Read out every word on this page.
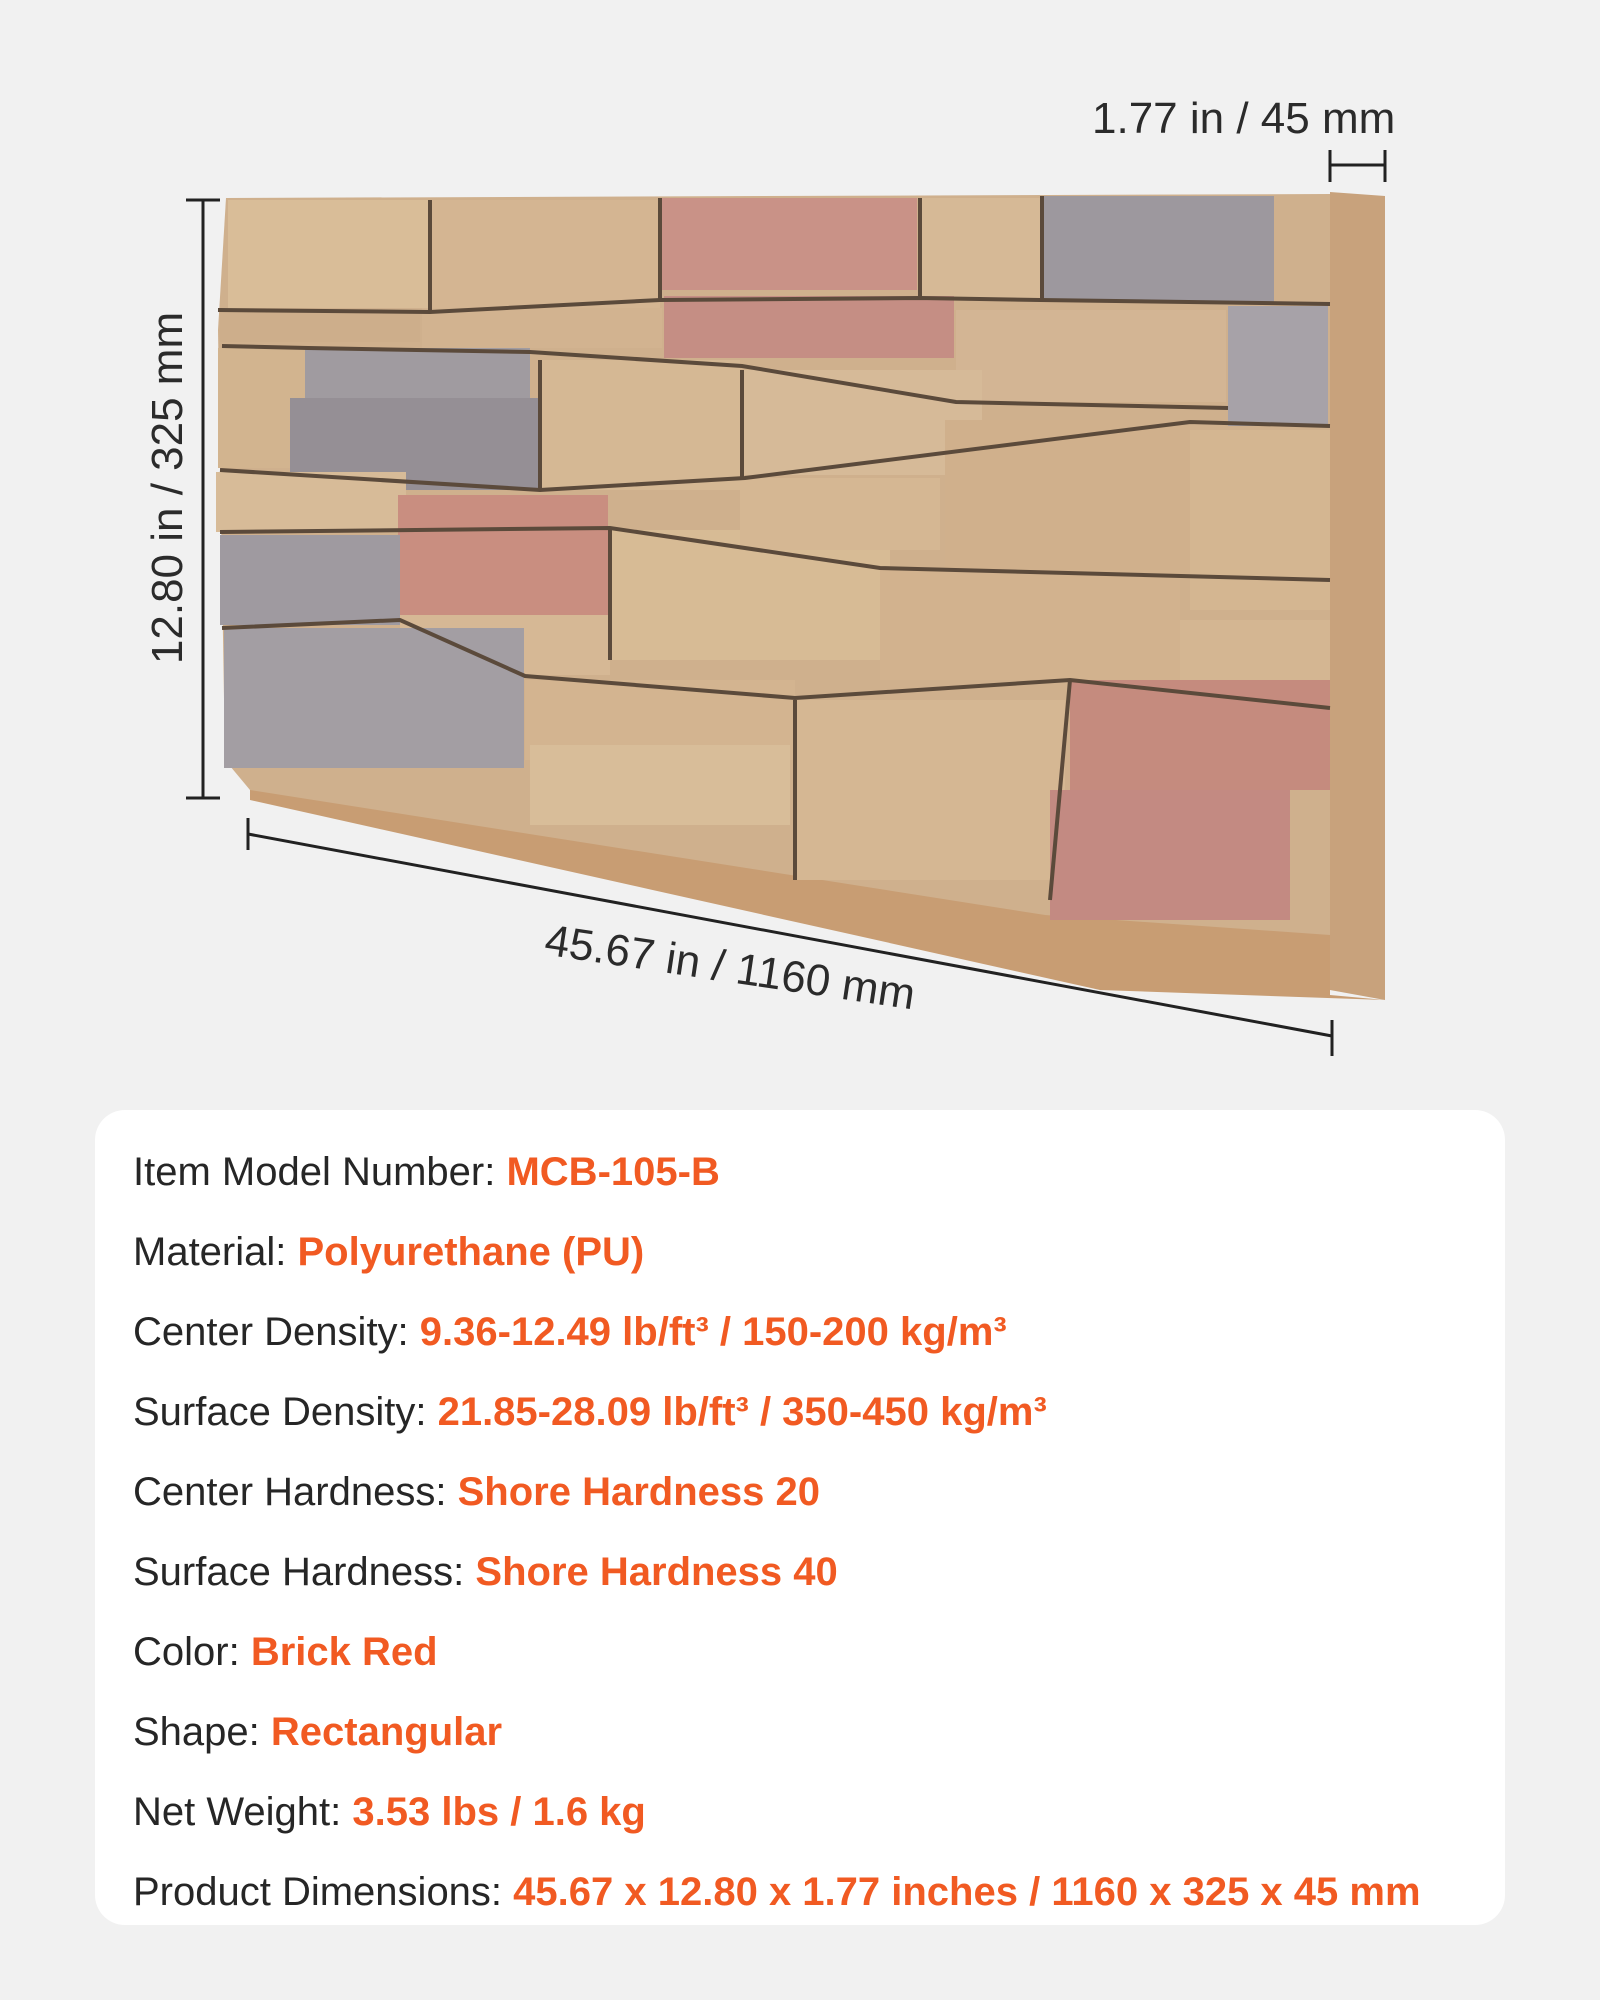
1.77 in / 45 mm
12.80 in / 325 mm
45.67 in / 1160 mm
Item Model Number: MCB-105-B
Material: Polyurethane (PU)
Center Density: 9.36-12.49 lb/ft³ / 150-200 kg/m³
Surface Density: 21.85-28.09 lb/ft³ / 350-450 kg/m³
Center Hardness: Shore Hardness 20
Surface Hardness: Shore Hardness 40
Color: Brick Red
Shape: Rectangular
Net Weight: 3.53 lbs / 1.6 kg
Product Dimensions: 45.67 x 12.80 x 1.77 inches / 1160 x 325 x 45 mm
